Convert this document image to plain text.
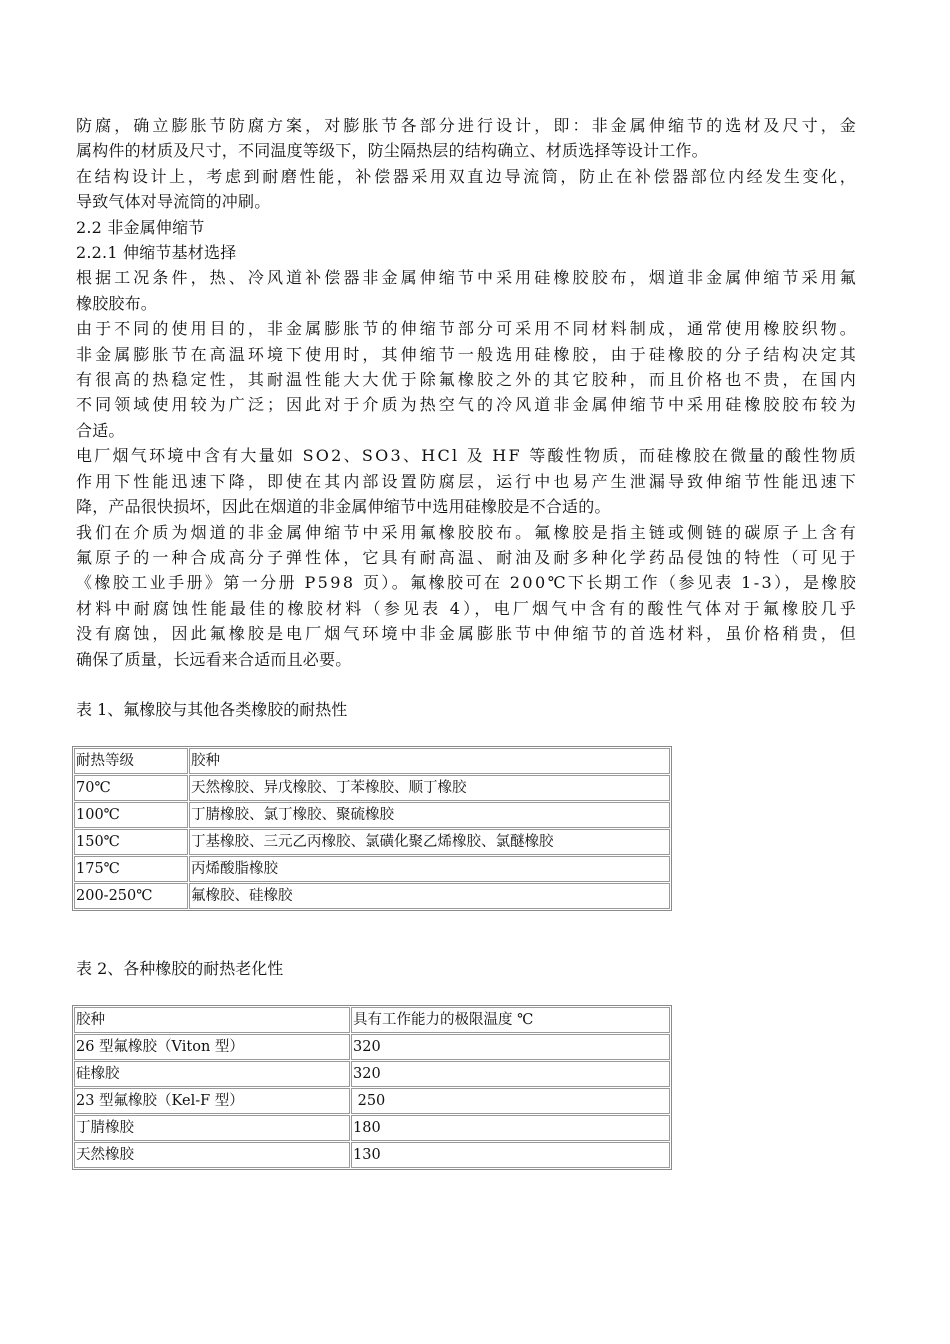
防腐，确立膨胀节防腐方案，对膨胀节各部分进行设计，即：非金属伸缩节的选材及尺寸，金
属构件的材质及尺寸，不同温度等级下，防尘隔热层的结构确立、材质选择等设计工作。

在结构设计上，考虑到耐磨性能，补偿器采用双直边导流筒，防止在补偿器部位内经发生变化，
导致气体对导流筒的冲刷。

2.2 非金属伸缩节

2.2.1 伸缩节基材选择

根据工况条件，热、冷风道补偿器非金属伸缩节中采用硅橡胶胶布，烟道非金属伸缩节采用氟
橡胶胶布。

由于不同的使用目的，非金属膨胀节的伸缩节部分可采用不同材料制成，通常使用橡胶织物。
非金属膨胀节在高温环境下使用时，其伸缩节一般选用硅橡胶，由于硅橡胶的分子结构决定其
有很高的热稳定性，其耐温性能大大优于除氟橡胶之外的其它胶种，而且价格也不贵，在国内
不同领域使用较为广泛；因此对于介质为热空气的冷风道非金属伸缩节中采用硅橡胶胶布较为
合适。

电厂烟气环境中含有大量如 SO2、SO3、HCl 及 HF 等酸性物质，而硅橡胶在微量的酸性物质
作用下性能迅速下降，即使在其内部设置防腐层，运行中也易产生泄漏导致伸缩节性能迅速下
降，产品很快损坏，因此在烟道的非金属伸缩节中选用硅橡胶是不合适的。

我们在介质为烟道的非金属伸缩节中采用氟橡胶胶布。氟橡胶是指主链或侧链的碳原子上含有
氟原子的一种合成高分子弹性体，它具有耐高温、耐油及耐多种化学药品侵蚀的特性（可见于
《橡胶工业手册》第一分册 P598 页）。氟橡胶可在 200℃下长期工作（参见表 1-3），是橡胶
材料中耐腐蚀性能最佳的橡胶材料（参见表 4），电厂烟气中含有的酸性气体对于氟橡胶几乎
没有腐蚀，因此氟橡胶是电厂烟气环境中非金属膨胀节中伸缩节的首选材料，虽价格稍贵，但
确保了质量，长远看来合适而且必要。

表 1、氟橡胶与其他各类橡胶的耐热性

耐热等级	胶种
70℃	天然橡胶、异戊橡胶、丁苯橡胶、顺丁橡胶
100℃	丁腈橡胶、氯丁橡胶、聚硫橡胶
150℃	丁基橡胶、三元乙丙橡胶、氯磺化聚乙烯橡胶、氯醚橡胶
175℃	丙烯酸脂橡胶
200-250℃	氟橡胶、硅橡胶

表 2、各种橡胶的耐热老化性

胶种	具有工作能力的极限温度 ℃
26 型氟橡胶（Viton 型）	320
硅橡胶	320
23 型氟橡胶（Kel-F 型）	250
丁腈橡胶	180
天然橡胶	130
